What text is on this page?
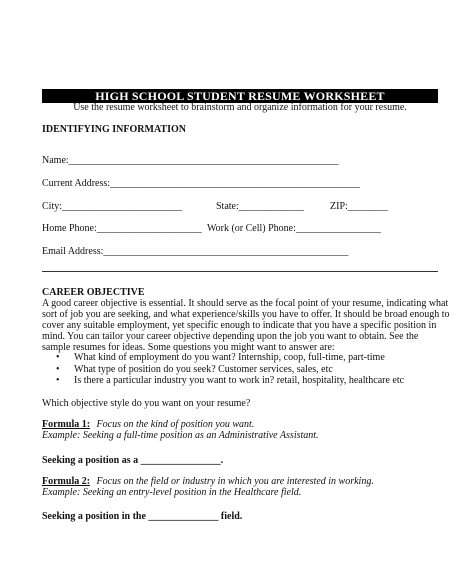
HIGH SCHOOL STUDENT RESUME WORKSHEET
Use the resume worksheet to brainstorm and organize information for your resume.
IDENTIFYING INFORMATION
Name:______________________________________________________
Current Address:__________________________________________________
City:________________________	State:_____________	ZIP:________
Home Phone:_____________________ Work (or Cell) Phone:_________________
Email Address:_________________________________________________
CAREER OBJECTIVE
A good career objective is essential. It should serve as the focal point of your resume, indicating what
sort of job you are seeking, and what experience/skills you have to offer. It should be broad enough to
cover any suitable employment, yet specific enough to indicate that you have a specific position in
mind. You can tailor your career objective depending upon the job you want to obtain. See the
sample resumes for ideas. Some questions you might want to answer are:
• What kind of employment do you want? Internship, coop, full-time, part-time
• What type of position do you seek? Customer services, sales, etc
• Is there a particular industry you want to work in? retail, hospitality, healthcare etc
Which objective style do you want on your resume?
Formula 1: Focus on the kind of position you want.
Example: Seeking a full-time position as an Administrative Assistant.
Seeking a position as a ________________.
Formula 2: Focus on the field or industry in which you are interested in working.
Example: Seeking an entry-level position in the Healthcare field.
Seeking a position in the ______________ field.
